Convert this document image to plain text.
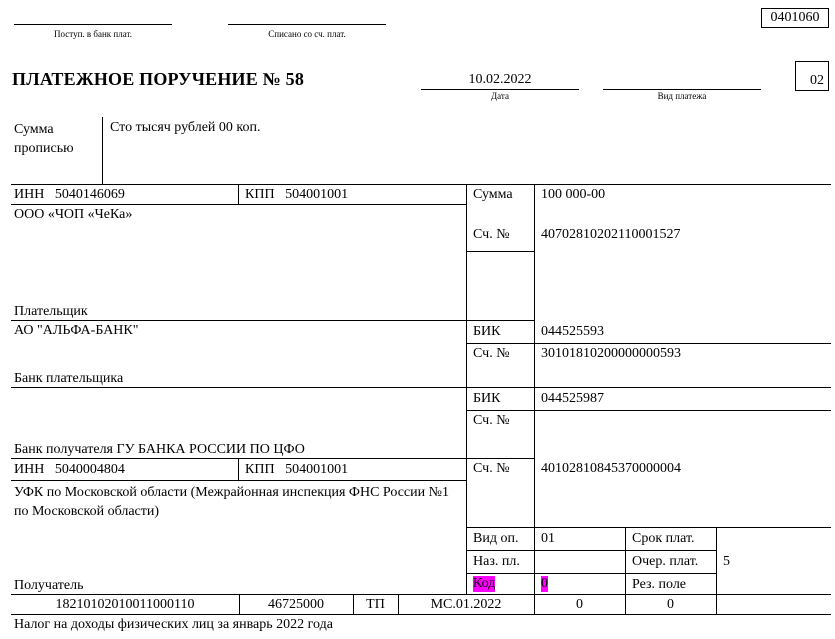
0401060
Поступ. в банк плат.	Списано со сч. плат.
ПЛАТЕЖНОЕ ПОРУЧЕНИЕ № 58	10.02.2022
Дата	Вид платежа
02
Сумма прописью
Сто тысяч рублей 00 коп.
ИНН 5040146069	КПП 504001001
ООО «ЧОП «ЧеКа»
Плательщик
Сумма 100 000-00
Сч. № 40702810202110001527
АО "АЛЬФА-БАНК"
Банк плательщика
БИК	044525593
Сч. № 30101810200000000593
Банк получателя ГУ БАНКА РОССИИ ПО ЦФО
БИК	044525987
Сч. №
ИНН 5040004804	КПП 504001001
УФК по Московской области (Межрайонная инспекция ФНС России №1 по Московской области)
Получатель
Сч. № 40102810845370000004
Вид оп. 01	Срок плат.
Наз. пл.	Очер. плат. 5
Код	0	Рез. поле
18210102010011000110	46725000	ТП	МС.01.2022	0	0
Налог на доходы физических лиц за январь 2022 года
